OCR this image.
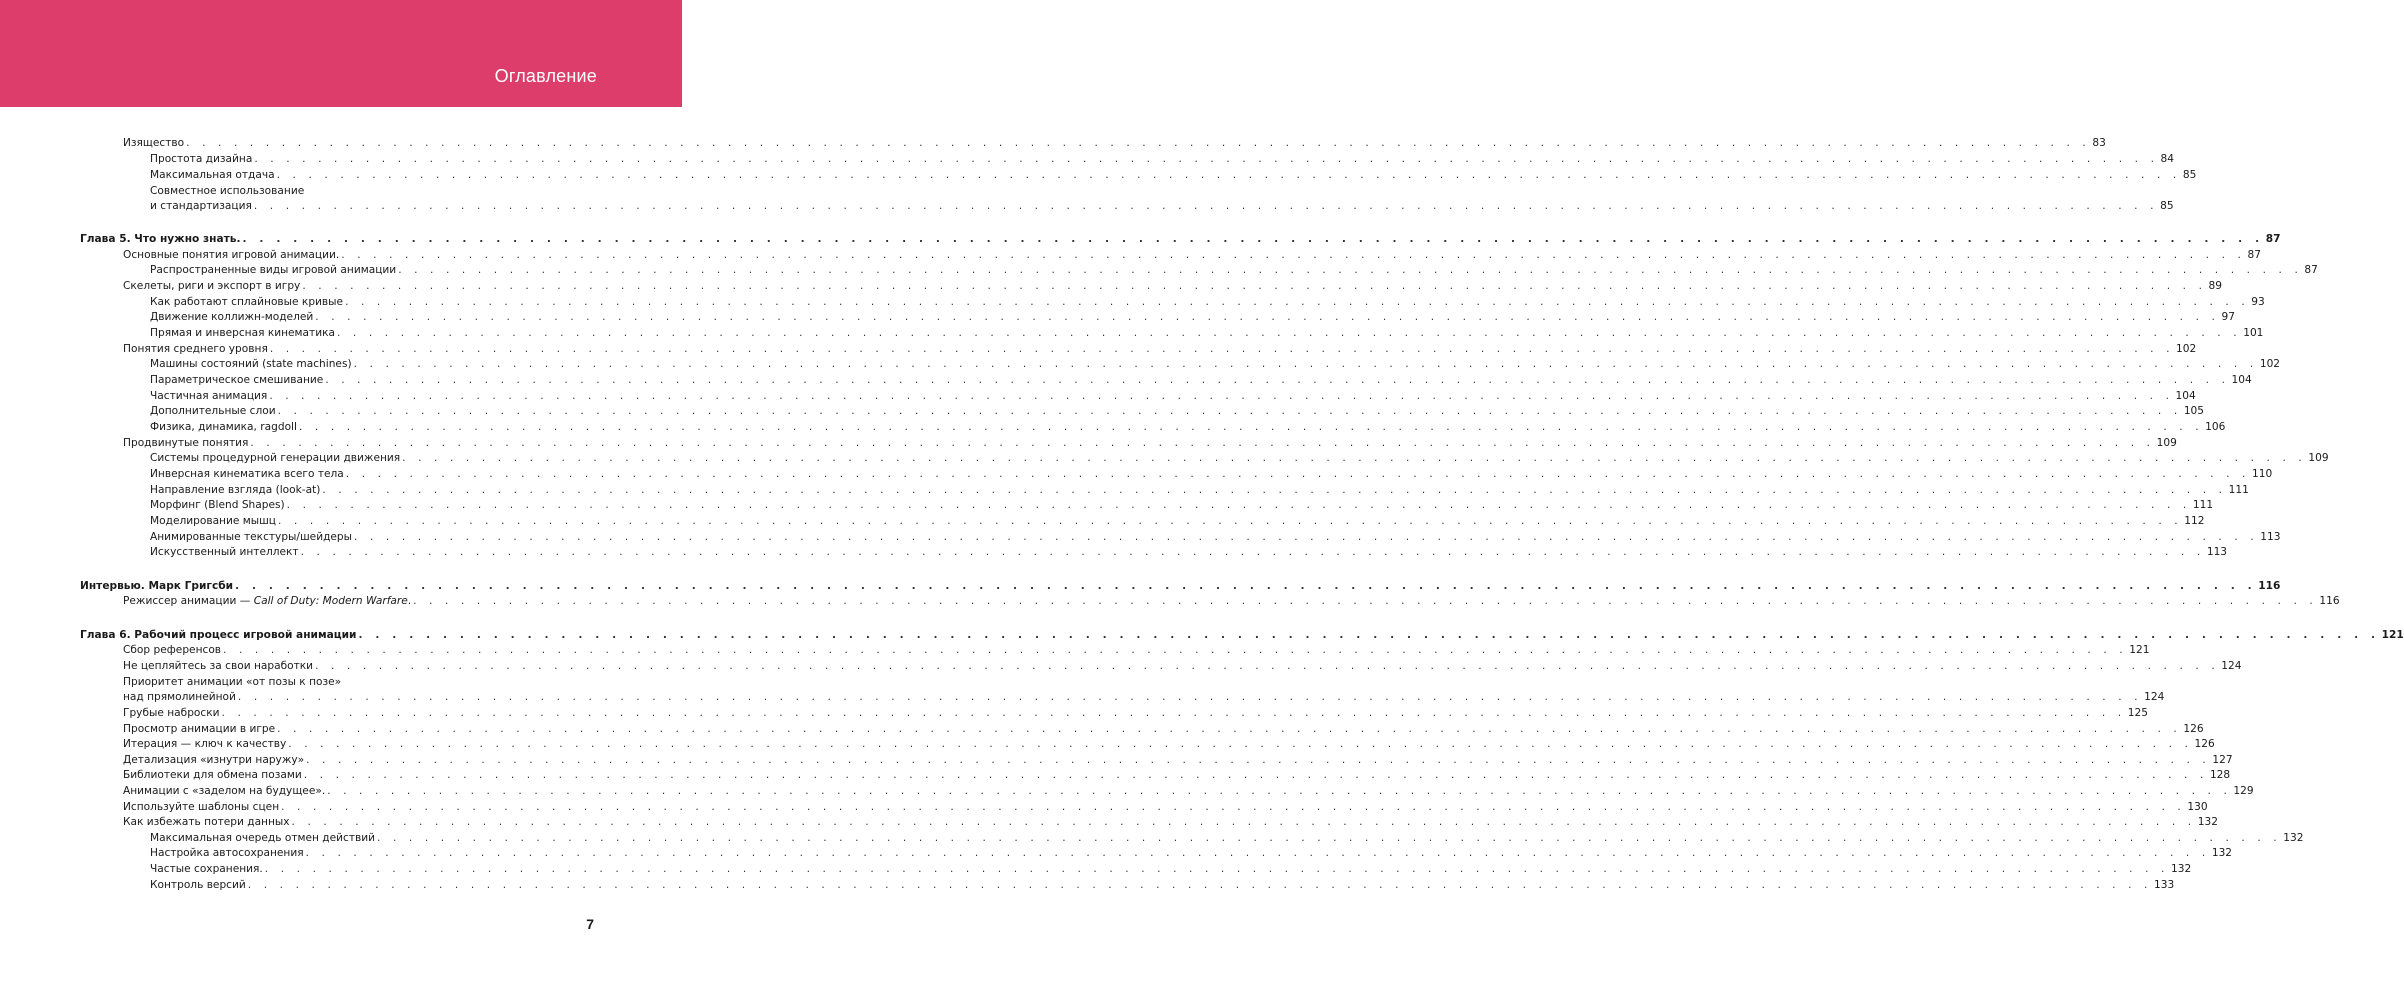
Оглавление
Изящество . . . . . . . . . . . . . . . . . . . . . . . . . . . . . . . . . . . . . . . . . . . . . . . . . . . . . . . . . . . . . . . . . . . . . . . . . . . . . . . . . . . . . . . . . . . . . . . . . . . . . . . . . . . . . . . . . . . . . . . . 83
Простота дизайна . . . . . . . . . . . . . . . . . . . . . . . . . . . . . . . . . . . . . . . . . . . . . . . . . . . . . . . . . . . . . . . . . . . . . . . . . . . . . . . . . . . . . . . . . . . . . . . . . . . . . . . . . . . . . . . . . . . . . . . . 84
Максимальная отдача . . . . . . . . . . . . . . . . . . . . . . . . . . . . . . . . . . . . . . . . . . . . . . . . . . . . . . . . . . . . . . . . . . . . . . . . . . . . . . . . . . . . . . . . . . . . . . . . . . . . . . . . . . . . . . . . . . . . . . . . 85
Совместное использование
и стандартизация . . . . . . . . . . . . . . . . . . . . . . . . . . . . . . . . . . . . . . . . . . . . . . . . . . . . . . . . . . . . . . . . . . . . . . . . . . . . . . . . . . . . . . . . . . . . . . . . . . . . . . . . . . . . . . . . . . . . . . . . 85
Глава 5. Что нужно знать. . . . . . . . . . . . . . . . . . . . . . . . . . . . . . . . . . . . . . . . . . . . . . . . . . . . . . . . . . . . . . . . . . . . . . . . . . . . . . . . . . . . . . . . . . . . . . . . . . . . . . . . . . . . . . . . . . . . . . . . . 87
Основные понятия игровой анимации. . . . . . . . . . . . . . . . . . . . . . . . . . . . . . . . . . . . . . . . . . . . . . . . . . . . . . . . . . . . . . . . . . . . . . . . . . . . . . . . . . . . . . . . . . . . . . . . . . . . . . . . . . . . . . . . . . . . . . . . . 87
Распространенные виды игровой анимации . . . . . . . . . . . . . . . . . . . . . . . . . . . . . . . . . . . . . . . . . . . . . . . . . . . . . . . . . . . . . . . . . . . . . . . . . . . . . . . . . . . . . . . . . . . . . . . . . . . . . . . . . . . . . . . . . . . . . . . . 87
Скелеты, риги и экспорт в игру . . . . . . . . . . . . . . . . . . . . . . . . . . . . . . . . . . . . . . . . . . . . . . . . . . . . . . . . . . . . . . . . . . . . . . . . . . . . . . . . . . . . . . . . . . . . . . . . . . . . . . . . . . . . . . . . . . . . . . . . 89
Как работают сплайновые кривые . . . . . . . . . . . . . . . . . . . . . . . . . . . . . . . . . . . . . . . . . . . . . . . . . . . . . . . . . . . . . . . . . . . . . . . . . . . . . . . . . . . . . . . . . . . . . . . . . . . . . . . . . . . . . . . . . . . . . . . . 93
Движение коллижн-моделей . . . . . . . . . . . . . . . . . . . . . . . . . . . . . . . . . . . . . . . . . . . . . . . . . . . . . . . . . . . . . . . . . . . . . . . . . . . . . . . . . . . . . . . . . . . . . . . . . . . . . . . . . . . . . . . . . . . . . . . . 97
Прямая и инверсная кинематика . . . . . . . . . . . . . . . . . . . . . . . . . . . . . . . . . . . . . . . . . . . . . . . . . . . . . . . . . . . . . . . . . . . . . . . . . . . . . . . . . . . . . . . . . . . . . . . . . . . . . . . . . . . . . . . . . . . . . . . . 101
Понятия среднего уровня . . . . . . . . . . . . . . . . . . . . . . . . . . . . . . . . . . . . . . . . . . . . . . . . . . . . . . . . . . . . . . . . . . . . . . . . . . . . . . . . . . . . . . . . . . . . . . . . . . . . . . . . . . . . . . . . . . . . . . . . 102
Машины состояний (state machines) . . . . . . . . . . . . . . . . . . . . . . . . . . . . . . . . . . . . . . . . . . . . . . . . . . . . . . . . . . . . . . . . . . . . . . . . . . . . . . . . . . . . . . . . . . . . . . . . . . . . . . . . . . . . . . . . . . . . . . . . 102
Параметрическое смешивание . . . . . . . . . . . . . . . . . . . . . . . . . . . . . . . . . . . . . . . . . . . . . . . . . . . . . . . . . . . . . . . . . . . . . . . . . . . . . . . . . . . . . . . . . . . . . . . . . . . . . . . . . . . . . . . . . . . . . . . . 104
Частичная анимация . . . . . . . . . . . . . . . . . . . . . . . . . . . . . . . . . . . . . . . . . . . . . . . . . . . . . . . . . . . . . . . . . . . . . . . . . . . . . . . . . . . . . . . . . . . . . . . . . . . . . . . . . . . . . . . . . . . . . . . . 104
Дополнительные слои . . . . . . . . . . . . . . . . . . . . . . . . . . . . . . . . . . . . . . . . . . . . . . . . . . . . . . . . . . . . . . . . . . . . . . . . . . . . . . . . . . . . . . . . . . . . . . . . . . . . . . . . . . . . . . . . . . . . . . . . 105
Физика, динамика, ragdoll . . . . . . . . . . . . . . . . . . . . . . . . . . . . . . . . . . . . . . . . . . . . . . . . . . . . . . . . . . . . . . . . . . . . . . . . . . . . . . . . . . . . . . . . . . . . . . . . . . . . . . . . . . . . . . . . . . . . . . . . 106
Продвинутые понятия . . . . . . . . . . . . . . . . . . . . . . . . . . . . . . . . . . . . . . . . . . . . . . . . . . . . . . . . . . . . . . . . . . . . . . . . . . . . . . . . . . . . . . . . . . . . . . . . . . . . . . . . . . . . . . . . . . . . . . . . 109
Системы процедурной генерации движения . . . . . . . . . . . . . . . . . . . . . . . . . . . . . . . . . . . . . . . . . . . . . . . . . . . . . . . . . . . . . . . . . . . . . . . . . . . . . . . . . . . . . . . . . . . . . . . . . . . . . . . . . . . . . . . . . . . . . . . . 109
Инверсная кинематика всего тела . . . . . . . . . . . . . . . . . . . . . . . . . . . . . . . . . . . . . . . . . . . . . . . . . . . . . . . . . . . . . . . . . . . . . . . . . . . . . . . . . . . . . . . . . . . . . . . . . . . . . . . . . . . . . . . . . . . . . . . . 110
Направление взгляда (look-at) . . . . . . . . . . . . . . . . . . . . . . . . . . . . . . . . . . . . . . . . . . . . . . . . . . . . . . . . . . . . . . . . . . . . . . . . . . . . . . . . . . . . . . . . . . . . . . . . . . . . . . . . . . . . . . . . . . . . . . . . 111
Морфинг (Blend Shapes) . . . . . . . . . . . . . . . . . . . . . . . . . . . . . . . . . . . . . . . . . . . . . . . . . . . . . . . . . . . . . . . . . . . . . . . . . . . . . . . . . . . . . . . . . . . . . . . . . . . . . . . . . . . . . . . . . . . . . . . . 111
Моделирование мышц . . . . . . . . . . . . . . . . . . . . . . . . . . . . . . . . . . . . . . . . . . . . . . . . . . . . . . . . . . . . . . . . . . . . . . . . . . . . . . . . . . . . . . . . . . . . . . . . . . . . . . . . . . . . . . . . . . . . . . . . 112
Анимированные текстуры/шейдеры . . . . . . . . . . . . . . . . . . . . . . . . . . . . . . . . . . . . . . . . . . . . . . . . . . . . . . . . . . . . . . . . . . . . . . . . . . . . . . . . . . . . . . . . . . . . . . . . . . . . . . . . . . . . . . . . . . . . . . . . 113
Искусственный интеллект . . . . . . . . . . . . . . . . . . . . . . . . . . . . . . . . . . . . . . . . . . . . . . . . . . . . . . . . . . . . . . . . . . . . . . . . . . . . . . . . . . . . . . . . . . . . . . . . . . . . . . . . . . . . . . . . . . . . . . . . 113
Интервью. Марк Григсби . . . . . . . . . . . . . . . . . . . . . . . . . . . . . . . . . . . . . . . . . . . . . . . . . . . . . . . . . . . . . . . . . . . . . . . . . . . . . . . . . . . . . . . . . . . . . . . . . . . . . . . . . . . . . . . . . . . . . . . . 116
Режиссер анимации — Call of Duty: Modern Warfare. . . . . . . . . . . . . . . . . . . . . . . . . . . . . . . . . . . . . . . . . . . . . . . . . . . . . . . . . . . . . . . . . . . . . . . . . . . . . . . . . . . . . . . . . . . . . . . . . . . . . . . . . . . . . . . . . . . . . . . . . 116
Глава 6. Рабочий процесс игровой анимации . . . . . . . . . . . . . . . . . . . . . . . . . . . . . . . . . . . . . . . . . . . . . . . . . . . . . . . . . . . . . . . . . . . . . . . . . . . . . . . . . . . . . . . . . . . . . . . . . . . . . . . . . . . . . . . . . . . . . . . . 121
Сбор референсов . . . . . . . . . . . . . . . . . . . . . . . . . . . . . . . . . . . . . . . . . . . . . . . . . . . . . . . . . . . . . . . . . . . . . . . . . . . . . . . . . . . . . . . . . . . . . . . . . . . . . . . . . . . . . . . . . . . . . . . . 121
Не цепляйтесь за свои наработки . . . . . . . . . . . . . . . . . . . . . . . . . . . . . . . . . . . . . . . . . . . . . . . . . . . . . . . . . . . . . . . . . . . . . . . . . . . . . . . . . . . . . . . . . . . . . . . . . . . . . . . . . . . . . . . . . . . . . . . . 124
Приоритет анимации «от позы к позе»
над прямолинейной . . . . . . . . . . . . . . . . . . . . . . . . . . . . . . . . . . . . . . . . . . . . . . . . . . . . . . . . . . . . . . . . . . . . . . . . . . . . . . . . . . . . . . . . . . . . . . . . . . . . . . . . . . . . . . . . . . . . . . . . 124
Грубые наброски . . . . . . . . . . . . . . . . . . . . . . . . . . . . . . . . . . . . . . . . . . . . . . . . . . . . . . . . . . . . . . . . . . . . . . . . . . . . . . . . . . . . . . . . . . . . . . . . . . . . . . . . . . . . . . . . . . . . . . . . 125
Просмотр анимации в игре . . . . . . . . . . . . . . . . . . . . . . . . . . . . . . . . . . . . . . . . . . . . . . . . . . . . . . . . . . . . . . . . . . . . . . . . . . . . . . . . . . . . . . . . . . . . . . . . . . . . . . . . . . . . . . . . . . . . . . . . 126
Итерация — ключ к качеству . . . . . . . . . . . . . . . . . . . . . . . . . . . . . . . . . . . . . . . . . . . . . . . . . . . . . . . . . . . . . . . . . . . . . . . . . . . . . . . . . . . . . . . . . . . . . . . . . . . . . . . . . . . . . . . . . . . . . . . . 126
Детализация «изнутри наружу» . . . . . . . . . . . . . . . . . . . . . . . . . . . . . . . . . . . . . . . . . . . . . . . . . . . . . . . . . . . . . . . . . . . . . . . . . . . . . . . . . . . . . . . . . . . . . . . . . . . . . . . . . . . . . . . . . . . . . . . . 127
Библиотеки для обмена позами . . . . . . . . . . . . . . . . . . . . . . . . . . . . . . . . . . . . . . . . . . . . . . . . . . . . . . . . . . . . . . . . . . . . . . . . . . . . . . . . . . . . . . . . . . . . . . . . . . . . . . . . . . . . . . . . . . . . . . . . 128
Анимации с «заделом на будущее». . . . . . . . . . . . . . . . . . . . . . . . . . . . . . . . . . . . . . . . . . . . . . . . . . . . . . . . . . . . . . . . . . . . . . . . . . . . . . . . . . . . . . . . . . . . . . . . . . . . . . . . . . . . . . . . . . . . . . . . . 129
Используйте шаблоны сцен . . . . . . . . . . . . . . . . . . . . . . . . . . . . . . . . . . . . . . . . . . . . . . . . . . . . . . . . . . . . . . . . . . . . . . . . . . . . . . . . . . . . . . . . . . . . . . . . . . . . . . . . . . . . . . . . . . . . . . . . 130
Как избежать потери данных . . . . . . . . . . . . . . . . . . . . . . . . . . . . . . . . . . . . . . . . . . . . . . . . . . . . . . . . . . . . . . . . . . . . . . . . . . . . . . . . . . . . . . . . . . . . . . . . . . . . . . . . . . . . . . . . . . . . . . . . 132
Максимальная очередь отмен действий . . . . . . . . . . . . . . . . . . . . . . . . . . . . . . . . . . . . . . . . . . . . . . . . . . . . . . . . . . . . . . . . . . . . . . . . . . . . . . . . . . . . . . . . . . . . . . . . . . . . . . . . . . . . . . . . . . . . . . . . 132
Настройка автосохранения . . . . . . . . . . . . . . . . . . . . . . . . . . . . . . . . . . . . . . . . . . . . . . . . . . . . . . . . . . . . . . . . . . . . . . . . . . . . . . . . . . . . . . . . . . . . . . . . . . . . . . . . . . . . . . . . . . . . . . . . 132
Частые сохранения. . . . . . . . . . . . . . . . . . . . . . . . . . . . . . . . . . . . . . . . . . . . . . . . . . . . . . . . . . . . . . . . . . . . . . . . . . . . . . . . . . . . . . . . . . . . . . . . . . . . . . . . . . . . . . . . . . . . . . . . . 132
Контроль версий . . . . . . . . . . . . . . . . . . . . . . . . . . . . . . . . . . . . . . . . . . . . . . . . . . . . . . . . . . . . . . . . . . . . . . . . . . . . . . . . . . . . . . . . . . . . . . . . . . . . . . . . . . . . . . . . . . . . . . . . 133
7
